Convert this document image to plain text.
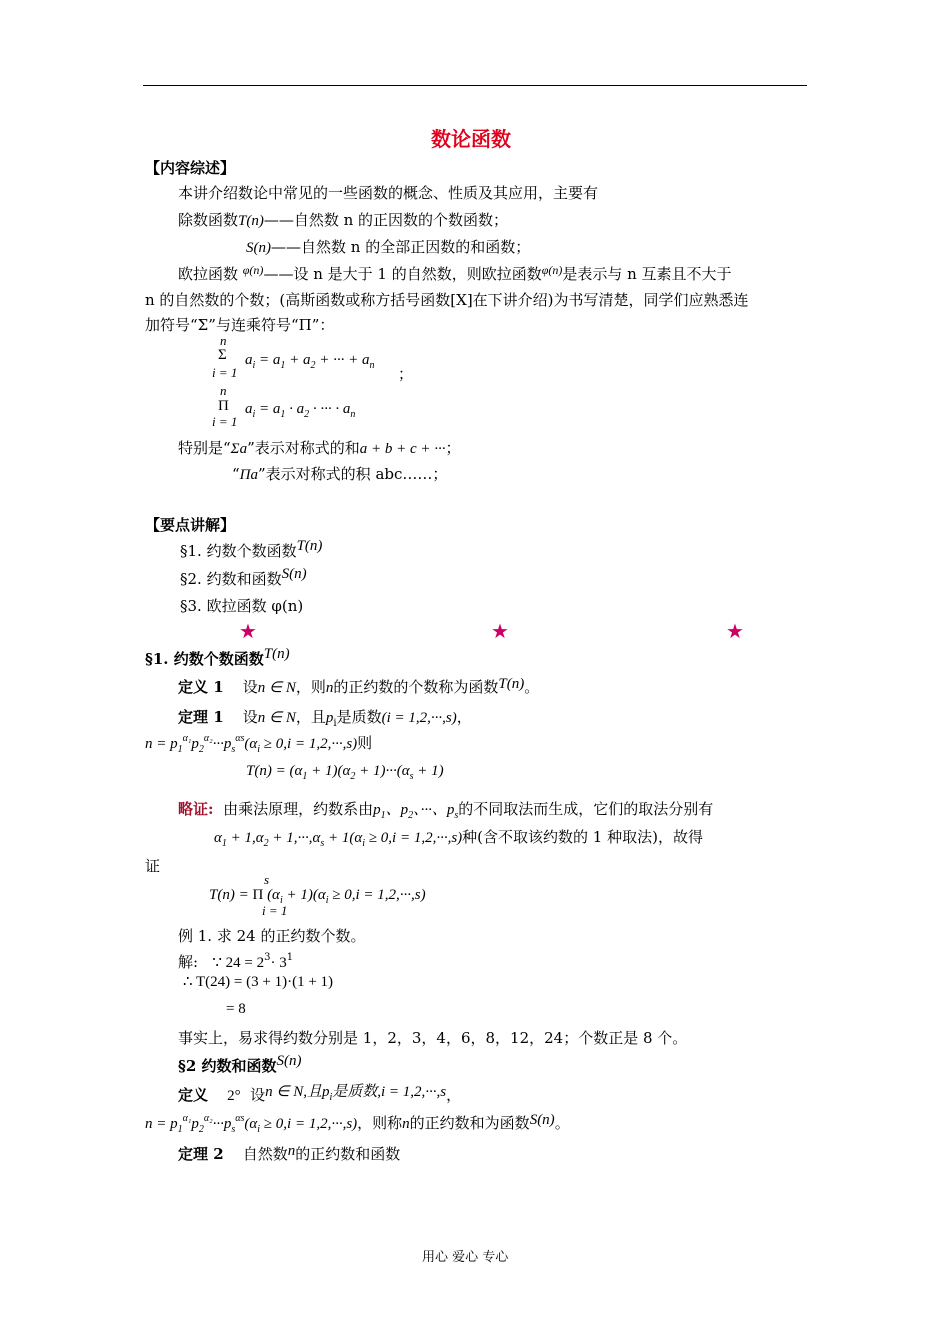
数论函数
【内容综述】
本讲介绍数论中常见的一些函数的概念、性质及其应用，主要有
除数函数T(n)——自然数 n 的正因数的个数函数；
S(n)——自然数 n 的全部正因数的和函数；
欧拉函数 $^{\varphi(n)}$——设 n 是大于 1 的自然数，则欧拉函数$^{\varphi(n)}$是表示与 n 互素且不大于
n 的自然数的个数；(高斯函数或称方括号函数[X]在下讲介绍)为书写清楚，同学们应熟悉连
加符号“Σ”与连乘符号“Π”：
n
Σ
i = 1
$a_i = a_1 + a_2$ + ··· + $a_n$ ；
n
Π
i = 1
$a_i = a_1 \cdot a_2$ · ··· · $a_n$
特别是“Σa”表示对称式的和a + b + c + ···；
“Πa”表示对称式的积 abc……；
【要点讲解】
§1. 约数个数函数T(n)
§2. 约数和函数S(n)
§3. 欧拉函数 φ(n)
★	★	★
§1. 约数个数函数T(n)
定义 1 设n ∈ N，则n的正约数的个数称为函数T(n)。
定理 1 设n ∈ N，且$p_i$是质数(i = 1,2,···,s)，
$n = p_1^{\alpha_1}p_2^{\alpha_2}\cdot\cdot\cdot p_s^{\alpha s}(\alpha_i \ge 0,i = 1,2,\cdot\cdot\cdot,s)$则
$T(n) = (\alpha_1 + 1)(\alpha_2 + 1)\cdot\cdot\cdot(\alpha_s + 1)$
略证: 由乘法原理，约数系由$p_1$、$p_2$、···、$p_s$的不同取法而生成，它们的取法分别有
$\alpha_1 + 1,\alpha_2 + 1,\cdot\cdot\cdot,\alpha_s + 1(\alpha_i \ge 0,i = 1,2,\cdot\cdot\cdot,s)$种(含不取该约数的 1 种取法)，故得
证
s
T(n) = Π $(\alpha_i + 1)(\alpha_i \ge 0,i = 1,2,\cdot\cdot\cdot,s)$
i = 1
例 1. 求 24 的正约数个数。
解: ∵ $24 = 2^3\cdot 3^1$
∴ T(24) = (3 + 1)·(1 + 1)
= 8
事实上，易求得约数分别是 1，2，3，4，6，8，12，24；个数正是 8 个。
§2 约数和函数S(n)
定义 2° 设n ∈ N,且$p_i$是质数,i = 1,2,···,s，
$n = p_1^{\alpha_1}p_2^{\alpha_2}\cdot\cdot\cdot p_s^{\alpha s}(\alpha_i \ge 0,i = 1,2,\cdot\cdot\cdot,s)$，则称n的正约数和为函数S(n)。
定理 2 自然数n的正约数和函数
用心 爱心 专心
